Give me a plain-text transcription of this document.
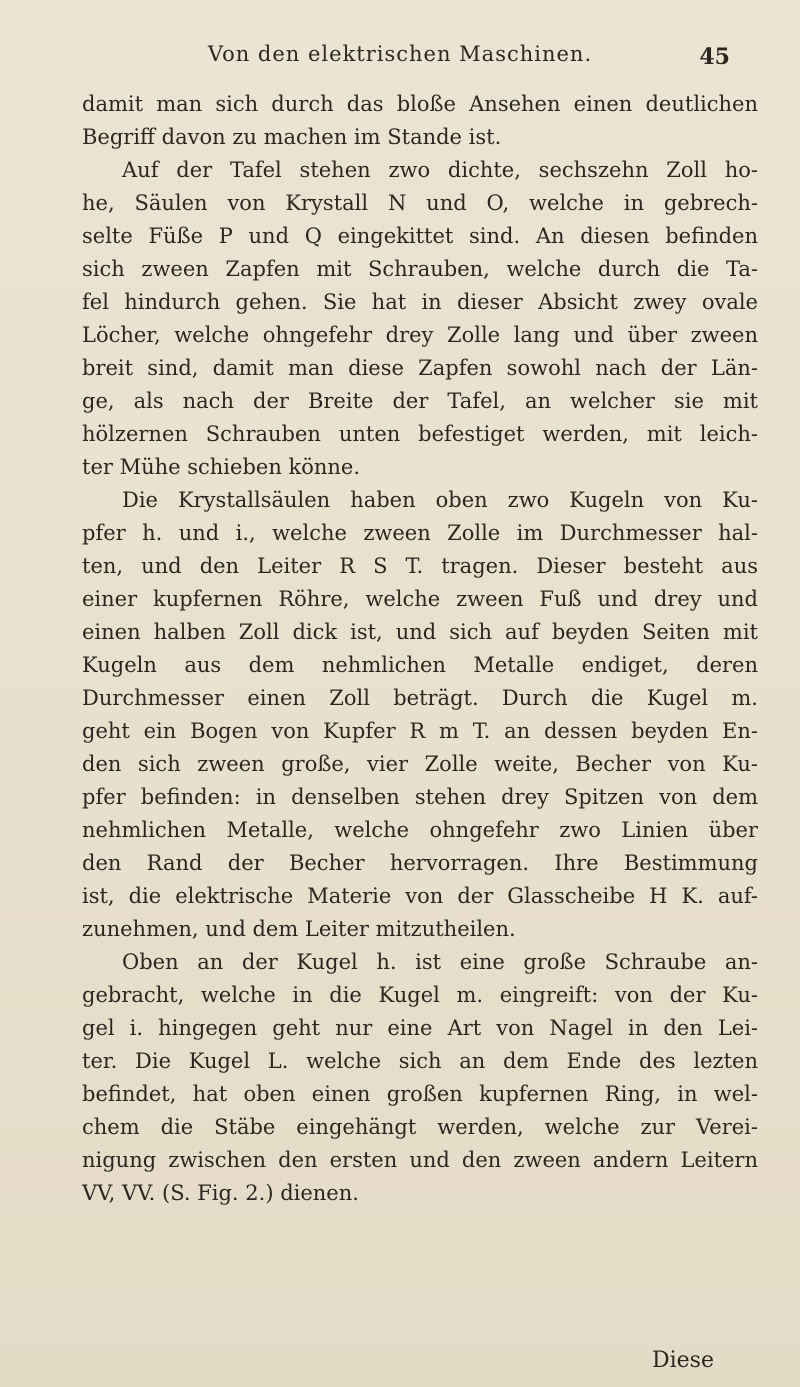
Von den elektrischen Maschinen.	45
damit man sich durch das bloße Ansehen einen deutlichen
Begriff davon zu machen im Stande ist.
Auf der Tafel stehen zwo dichte, sechszehn Zoll ho-
he, Säulen von Krystall N und O, welche in gebrech-
selte Füße P und Q eingekittet sind. An diesen befinden
sich zween Zapfen mit Schrauben, welche durch die Ta-
fel hindurch gehen. Sie hat in dieser Absicht zwey ovale
Löcher, welche ohngefehr drey Zolle lang und über zween
breit sind, damit man diese Zapfen sowohl nach der Län-
ge, als nach der Breite der Tafel, an welcher sie mit
hölzernen Schrauben unten befestiget werden, mit leich-
ter Mühe schieben könne.
Die Krystallsäulen haben oben zwo Kugeln von Ku-
pfer h. und i., welche zween Zolle im Durchmesser hal-
ten, und den Leiter R S T. tragen. Dieser besteht aus
einer kupfernen Röhre, welche zween Fuß und drey und
einen halben Zoll dick ist, und sich auf beyden Seiten mit
Kugeln aus dem nehmlichen Metalle endiget, deren
Durchmesser einen Zoll beträgt. Durch die Kugel m.
geht ein Bogen von Kupfer R m T. an dessen beyden En-
den sich zween große, vier Zolle weite, Becher von Ku-
pfer befinden: in denselben stehen drey Spitzen von dem
nehmlichen Metalle, welche ohngefehr zwo Linien über
den Rand der Becher hervorragen. Ihre Bestimmung
ist, die elektrische Materie von der Glasscheibe H K. auf-
zunehmen, und dem Leiter mitzutheilen.
Oben an der Kugel h. ist eine große Schraube an-
gebracht, welche in die Kugel m. eingreift: von der Ku-
gel i. hingegen geht nur eine Art von Nagel in den Lei-
ter. Die Kugel L. welche sich an dem Ende des lezten
befindet, hat oben einen großen kupfernen Ring, in wel-
chem die Stäbe eingehängt werden, welche zur Verei-
nigung zwischen den ersten und den zween andern Leitern
VV, VV. (S. Fig. 2.) dienen.
Diese
